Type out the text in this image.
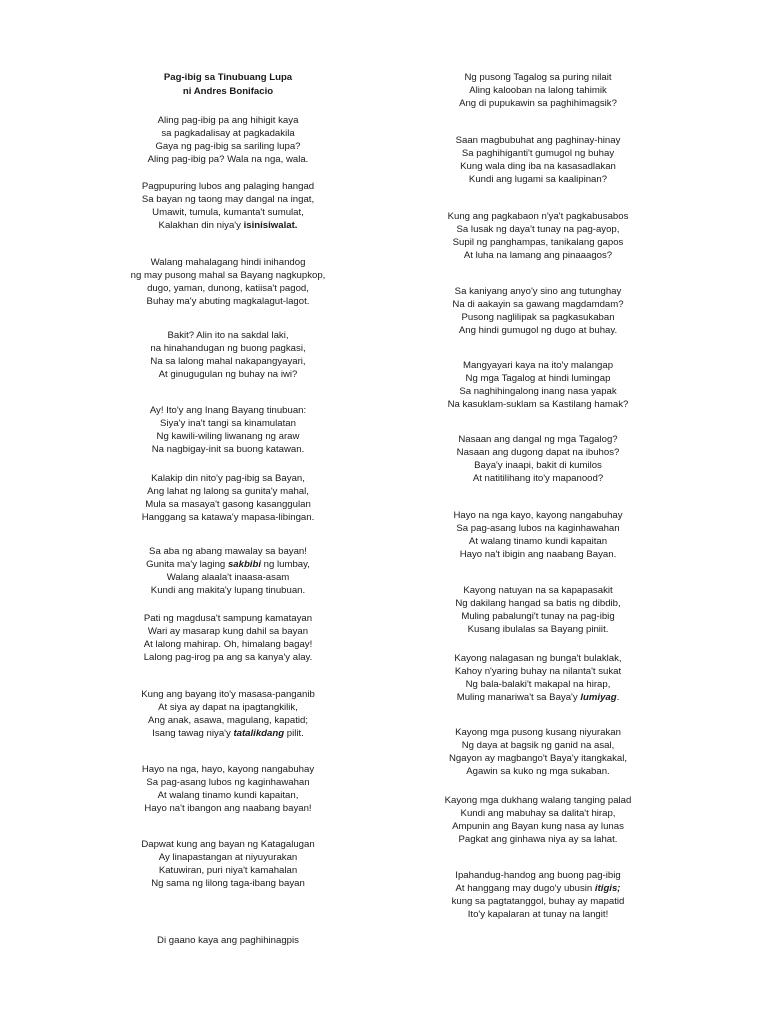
Pag-ibig sa Tinubuang Lupa
ni Andres Bonifacio
Aling pag-ibig pa ang hihigit kaya
sa pagkadalisay at pagkadakila
Gaya ng pag-ibig sa sariling lupa?
Aling pag-ibig pa? Wala na nga, wala.
Pagpupuring lubos ang palaging hangad
Sa bayan ng taong may dangal na ingat,
Umawit, tumula, kumanta't sumulat,
Kalakhan din niya'y isinisiwalat.
Walang mahalagang hindi inihandog
ng may pusong mahal sa Bayang nagkupkop,
dugo, yaman, dunong, katiisa't pagod,
Buhay ma'y abuting magkalagut-lagot.
Bakit? Alin ito na sakdal laki,
na hinahandugan ng buong pagkasi,
Na sa lalong mahal nakapangyayari,
At ginugugulan ng buhay na iwi?
Ay! Ito'y ang Inang Bayang tinubuan:
Siya'y ina't tangi sa kinamulatan
Ng kawili-wiling liwanang ng araw
Na nagbigay-init sa buong katawan.
Kalakip din nito'y pag-ibig sa Bayan,
Ang lahat ng lalong sa gunita'y mahal,
Mula sa masaya't gasong kasanggulan
Hanggang sa katawa'y mapasa-libingan.
Sa aba ng abang mawalay sa bayan!
Gunita ma'y laging sakbibi ng lumbay,
Walang alaala't inaasa-asam
Kundi ang makita'y lupang tinubuan.
Pati ng magdusa't sampung kamatayan
Wari ay masarap kung dahil sa bayan
At lalong mahirap. Oh, himalang bagay!
Lalong pag-irog pa ang sa kanya'y alay.
Kung ang bayang ito'y masasa-panganib
At siya ay dapat na ipagtangkilik,
Ang anak, asawa, magulang, kapatid;
Isang tawag niya'y tatalikdang pilit.
Hayo na nga, hayo, kayong nangabuhay
Sa pag-asang lubos ng kaginhawahan
At walang tinamo kundi kapaitan,
Hayo na't ibangon ang naabang bayan!
Dapwat kung ang bayan ng Katagalugan
Ay linapastangan at niyuyurakan
Katuwiran, puri niya't kamahalan
Ng sama ng lilong taga-ibang bayan
Di gaano kaya ang paghihinagpis
Ng pusong Tagalog sa puring nilait
Aling kalooban na lalong tahimik
Ang di pupukawin sa paghihimagsik?
Saan magbubuhat ang paghinay-hinay
Sa paghihiganti't gumugol ng buhay
Kung wala ding iba na kasasadlakan
Kundi ang lugami sa kaalipinan?
Kung ang pagkabaon n'ya't pagkabusabos
Sa lusak ng daya't tunay na pag-ayop,
Supil ng panghampas, tanikalang gapos
At luha na lamang ang pinaaagos?
Sa kaniyang anyo'y sino ang tutunghay
Na di aakayin sa gawang magdamdam?
Pusong naglilipak sa pagkasukaban
Ang hindi gumugol ng dugo at buhay.
Mangyayari kaya na ito'y malangap
Ng mga Tagalog at hindi lumingap
Sa naghihingalong inang nasa yapak
Na kasuklam-suklam sa Kastilang hamak?
Nasaan ang dangal ng mga Tagalog?
Nasaan ang dugong dapat na ibuhos?
Baya'y inaapi, bakit di kumilos
At natitilihang ito'y mapanood?
Hayo na nga kayo, kayong nangabuhay
Sa pag-asang lubos na kaginhawahan
At walang tinamo kundi kapaitan
Hayo na't ibigin ang naabang Bayan.
Kayong natuyan na sa kapapasakit
Ng dakilang hangad sa batis ng dibdib,
Muling pabalungi't tunay na pag-ibig
Kusang ibulalas sa Bayang piniit.
Kayong nalagasan ng bunga't bulaklak,
Kahoy n'yaring buhay na nilanta't sukat
Ng bala-balaki't makapal na hirap,
Muling manariwa't sa Baya'y lumiyag.
Kayong mga pusong kusang niyurakan
Ng daya at bagsik ng ganid na asal,
Ngayon ay magbango't Baya'y itangkakal,
Agawin sa kuko ng mga sukaban.
Kayong mga dukhang walang tanging palad
Kundi ang mabuhay sa dalita't hirap,
Ampunin ang Bayan kung nasa ay lunas
Pagkat ang ginhawa niya ay sa lahat.
Ipahandug-handog ang buong pag-ibig
At hanggang may dugo'y ubusin itigis;
kung sa pagtatanggol, buhay ay mapatid
Ito'y kapalaran at tunay na langit!
